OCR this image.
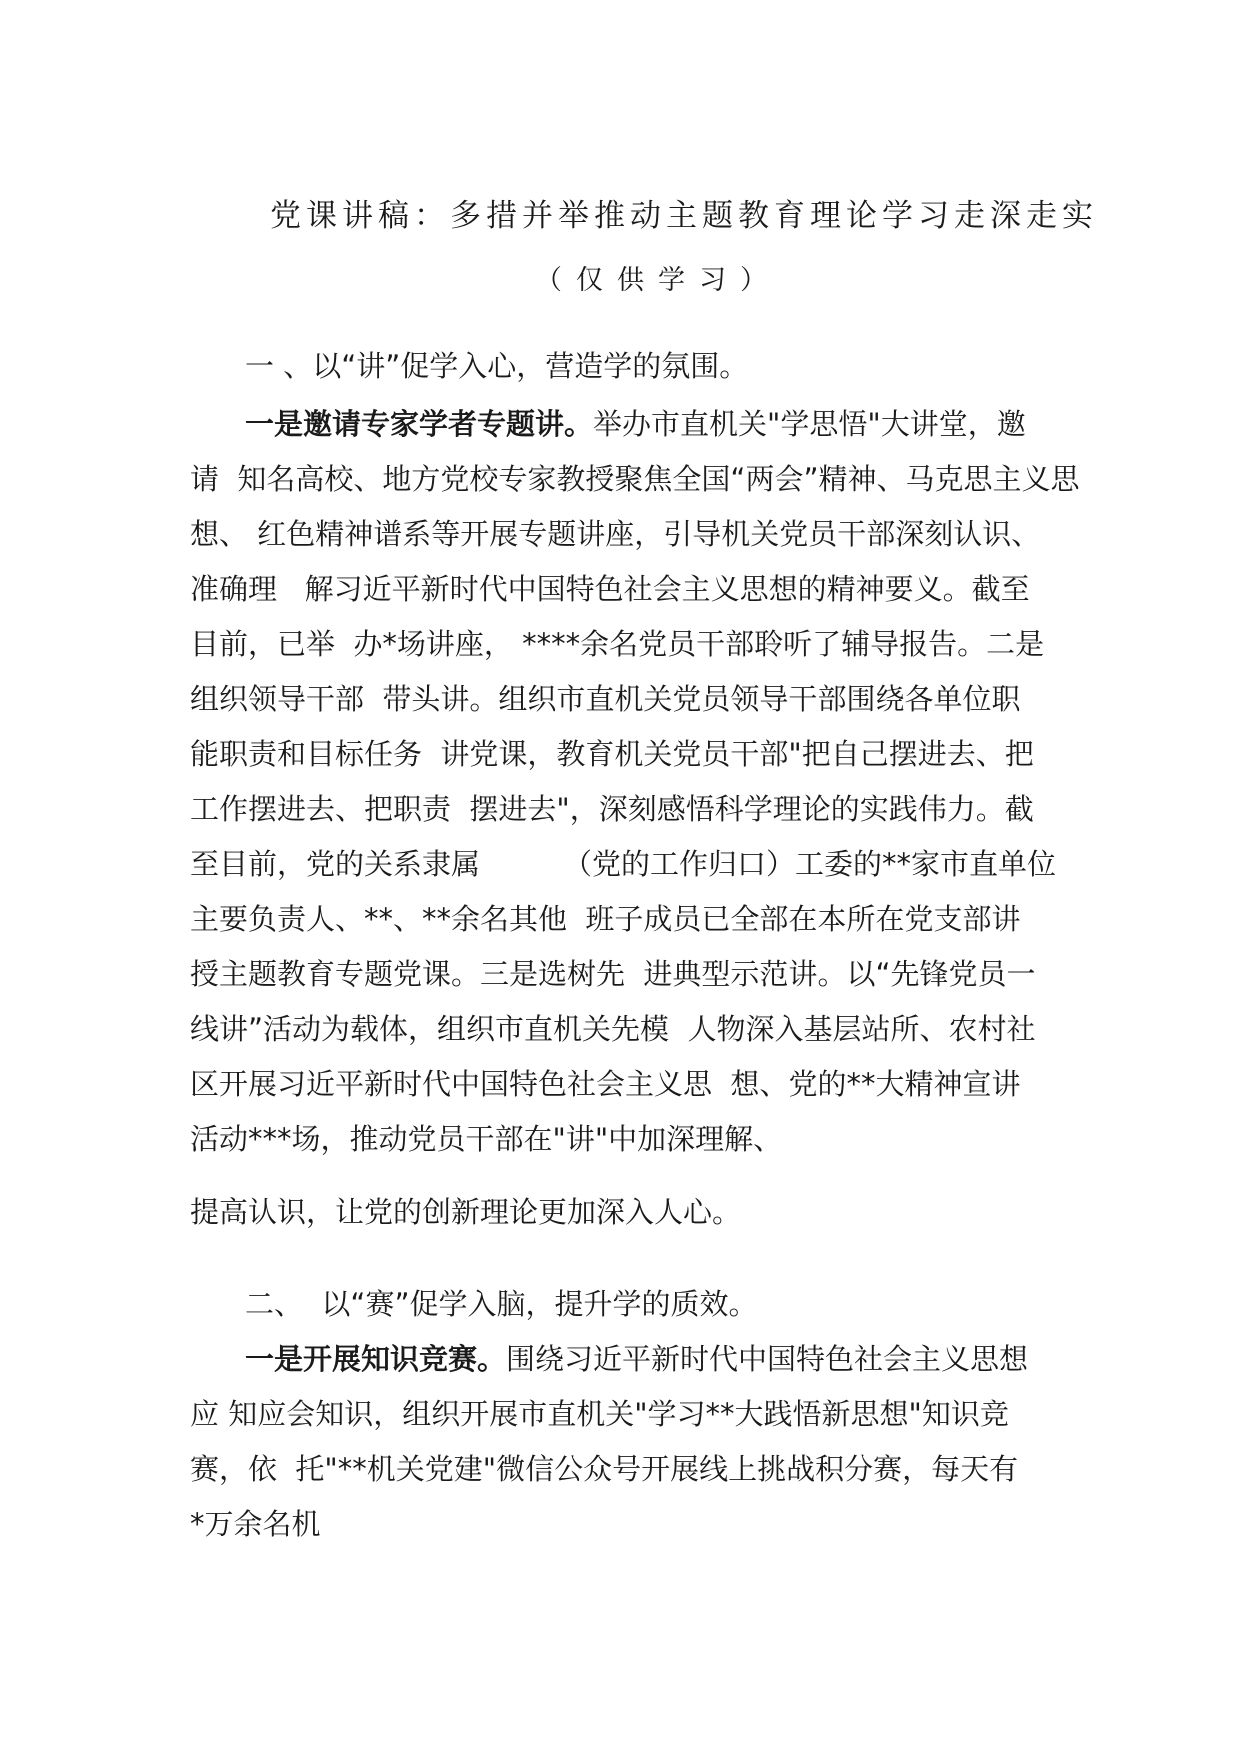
党课讲稿：多措并举推动主题教育理论学习走深走实
（仅供学习）
一 、以“讲”促学入心，营造学的氛围。
一是邀请专家学者专题讲。举办市直机关"学思悟"大讲堂，邀
请  知名高校、地方党校专家教授聚焦全国“两会”精神、马克思主义思
想、 红色精神谱系等开展专题讲座，引导机关党员干部深刻认识、
准确理   解习近平新时代中国特色社会主义思想的精神要义。截至
目前，已举  办*场讲座， ****余名党员干部聆听了辅导报告。二是
组织领导干部  带头讲。组织市直机关党员领导干部围绕各单位职
能职责和目标任务  讲党课，教育机关党员干部"把自己摆进去、把
工作摆进去、把职责  摆进去"，深刻感悟科学理论的实践伟力。截
至目前，党的关系隶属         （党的工作归口）工委的**家市直单位
主要负责人、**、**余名其他  班子成员已全部在本所在党支部讲
授主题教育专题党课。三是选树先  进典型示范讲。以“先锋党员一
线讲”活动为载体，组织市直机关先模  人物深入基层站所、农村社
区开展习近平新时代中国特色社会主义思  想、党的**大精神宣讲
活动***场，推动党员干部在"讲"中加深理解、
提高认识，让党的创新理论更加深入人心。
二、  以“赛”促学入脑，提升学的质效。
一是开展知识竞赛。围绕习近平新时代中国特色社会主义思想
应 知应会知识，组织开展市直机关"学习**大践悟新思想"知识竞
赛，依  托"**机关党建"微信公众号开展线上挑战积分赛，每天有
*万余名机
